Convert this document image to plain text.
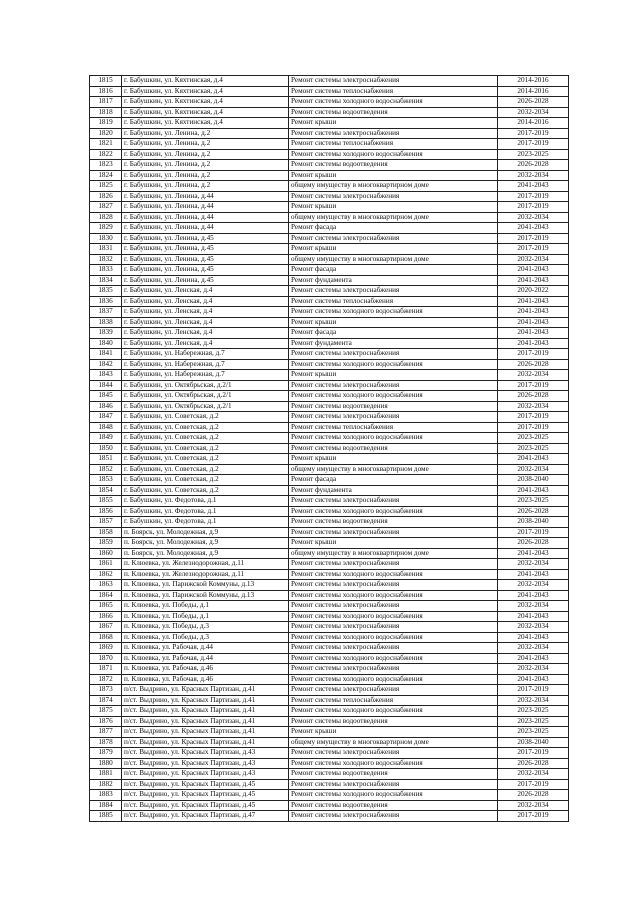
1815	г. Бабушкин, ул. Кяхтинская, д.4	Ремонт системы электроснабжения	2014-2016
1816	г. Бабушкин, ул. Кяхтинская, д.4	Ремонт системы теплоснабжения	2014-2016
1817	г. Бабушкин, ул. Кяхтинская, д.4	Ремонт системы холодного водоснабжения	2026-2028
1818	г. Бабушкин, ул. Кяхтинская, д.4	Ремонт системы водоотведения	2032-2034
1819	г. Бабушкин, ул. Кяхтинская, д.4	Ремонт крыши	2014-2016
1820	г. Бабушкин, ул. Ленина, д.2	Ремонт системы электроснабжения	2017-2019
1821	г. Бабушкин, ул. Ленина, д.2	Ремонт системы теплоснабжения	2017-2019
1822	г. Бабушкин, ул. Ленина, д.2	Ремонт системы холодного водоснабжения	2023-2025
1823	г. Бабушкин, ул. Ленина, д.2	Ремонт системы водоотведения	2026-2028
1824	г. Бабушкин, ул. Ленина, д.2	Ремонт крыши	2032-2034
1825	г. Бабушкин, ул. Ленина, д.2	общему имуществу в многоквартирном доме	2041-2043
1826	г. Бабушкин, ул. Ленина, д.44	Ремонт системы электроснабжения	2017-2019
1827	г. Бабушкин, ул. Ленина, д.44	Ремонт крыши	2017-2019
1828	г. Бабушкин, ул. Ленина, д.44	общему имуществу в многоквартирном доме	2032-2034
1829	г. Бабушкин, ул. Ленина, д.44	Ремонт фасада	2041-2043
1830	г. Бабушкин, ул. Ленина, д.45	Ремонт системы электроснабжения	2017-2019
1831	г. Бабушкин, ул. Ленина, д.45	Ремонт крыши	2017-2019
1832	г. Бабушкин, ул. Ленина, д.45	общему имуществу в многоквартирном доме	2032-2034
1833	г. Бабушкин, ул. Ленина, д.45	Ремонт фасада	2041-2043
1834	г. Бабушкин, ул. Ленина, д.45	Ремонт фундамента	2041-2043
1835	г. Бабушкин, ул. Ленская, д.4	Ремонт системы электроснабжения	2020-2022
1836	г. Бабушкин, ул. Ленская, д.4	Ремонт системы теплоснабжения	2041-2043
1837	г. Бабушкин, ул. Ленская, д.4	Ремонт системы холодного водоснабжения	2041-2043
1838	г. Бабушкин, ул. Ленская, д.4	Ремонт крыши	2041-2043
1839	г. Бабушкин, ул. Ленская, д.4	Ремонт фасада	2041-2043
1840	г. Бабушкин, ул. Ленская, д.4	Ремонт фундамента	2041-2043
1841	г. Бабушкин, ул. Набережная, д.7	Ремонт системы электроснабжения	2017-2019
1842	г. Бабушкин, ул. Набережная, д.7	Ремонт системы холодного водоснабжения	2026-2028
1843	г. Бабушкин, ул. Набережная, д.7	Ремонт крыши	2032-2034
1844	г. Бабушкин, ул. Октябрьская, д.2/1	Ремонт системы электроснабжения	2017-2019
1845	г. Бабушкин, ул. Октябрьская, д.2/1	Ремонт системы холодного водоснабжения	2026-2028
1846	г. Бабушкин, ул. Октябрьская, д.2/1	Ремонт системы водоотведения	2032-2034
1847	г. Бабушкин, ул. Советская, д.2	Ремонт системы электроснабжения	2017-2019
1848	г. Бабушкин, ул. Советская, д.2	Ремонт системы теплоснабжения	2017-2019
1849	г. Бабушкин, ул. Советская, д.2	Ремонт системы холодного водоснабжения	2023-2025
1850	г. Бабушкин, ул. Советская, д.2	Ремонт системы водоотведения	2023-2025
1851	г. Бабушкин, ул. Советская, д.2	Ремонт крыши	2041-2043
1852	г. Бабушкин, ул. Советская, д.2	общему имуществу в многоквартирном доме	2032-2034
1853	г. Бабушкин, ул. Советская, д.2	Ремонт фасада	2038-2040
1854	г. Бабушкин, ул. Советская, д.2	Ремонт фундамента	2041-2043
1855	г. Бабушкин, ул. Федотова, д.1	Ремонт системы электроснабжения	2023-2025
1856	г. Бабушкин, ул. Федотова, д.1	Ремонт системы холодного водоснабжения	2026-2028
1857	г. Бабушкин, ул. Федотова, д.1	Ремонт системы водоотведения	2038-2040
1858	п. Боярск, ул. Молодежная, д.9	Ремонт системы электроснабжения	2017-2019
1859	п. Боярск, ул. Молодежная, д.9	Ремонт крыши	2026-2028
1860	п. Боярск, ул. Молодежная, д.9	общему имуществу в многоквартирном доме	2041-2043
1861	п. Клюевка, ул. Железнодорожная, д.11	Ремонт системы электроснабжения	2032-2034
1862	п. Клюевка, ул. Железнодорожная, д.11	Ремонт системы холодного водоснабжения	2041-2043
1863	п. Клюевка, ул. Парижской Коммуны, д.13	Ремонт системы электроснабжения	2032-2034
1864	п. Клюевка, ул. Парижской Коммуны, д.13	Ремонт системы холодного водоснабжения	2041-2043
1865	п. Клюевка, ул. Победы, д.1	Ремонт системы электроснабжения	2032-2034
1866	п. Клюевка, ул. Победы, д.1	Ремонт системы холодного водоснабжения	2041-2043
1867	п. Клюевка, ул. Победы, д.3	Ремонт системы электроснабжения	2032-2034
1868	п. Клюевка, ул. Победы, д.3	Ремонт системы холодного водоснабжения	2041-2043
1869	п. Клюевка, ул. Рабочая, д.44	Ремонт системы электроснабжения	2032-2034
1870	п. Клюевка, ул. Рабочая, д.44	Ремонт системы холодного водоснабжения	2041-2043
1871	п. Клюевка, ул. Рабочая, д.46	Ремонт системы электроснабжения	2032-2034
1872	п. Клюевка, ул. Рабочая, д.46	Ремонт системы холодного водоснабжения	2041-2043
1873	п/ст. Выдрино, ул. Красных Партизан, д.41	Ремонт системы электроснабжения	2017-2019
1874	п/ст. Выдрино, ул. Красных Партизан, д.41	Ремонт системы теплоснабжения	2032-2034
1875	п/ст. Выдрино, ул. Красных Партизан, д.41	Ремонт системы холодного водоснабжения	2023-2025
1876	п/ст. Выдрино, ул. Красных Партизан, д.41	Ремонт системы водоотведения	2023-2025
1877	п/ст. Выдрино, ул. Красных Партизан, д.41	Ремонт крыши	2023-2025
1878	п/ст. Выдрино, ул. Красных Партизан, д.41	общему имуществу в многоквартирном доме	2038-2040
1879	п/ст. Выдрино, ул. Красных Партизан, д.43	Ремонт системы электроснабжения	2017-2019
1880	п/ст. Выдрино, ул. Красных Партизан, д.43	Ремонт системы холодного водоснабжения	2026-2028
1881	п/ст. Выдрино, ул. Красных Партизан, д.43	Ремонт системы водоотведения	2032-2034
1882	п/ст. Выдрино, ул. Красных Партизан, д.45	Ремонт системы электроснабжения	2017-2019
1883	п/ст. Выдрино, ул. Красных Партизан, д.45	Ремонт системы холодного водоснабжения	2026-2028
1884	п/ст. Выдрино, ул. Красных Партизан, д.45	Ремонт системы водоотведения	2032-2034
1885	п/ст. Выдрино, ул. Красных Партизан, д.47	Ремонт системы электроснабжения	2017-2019
